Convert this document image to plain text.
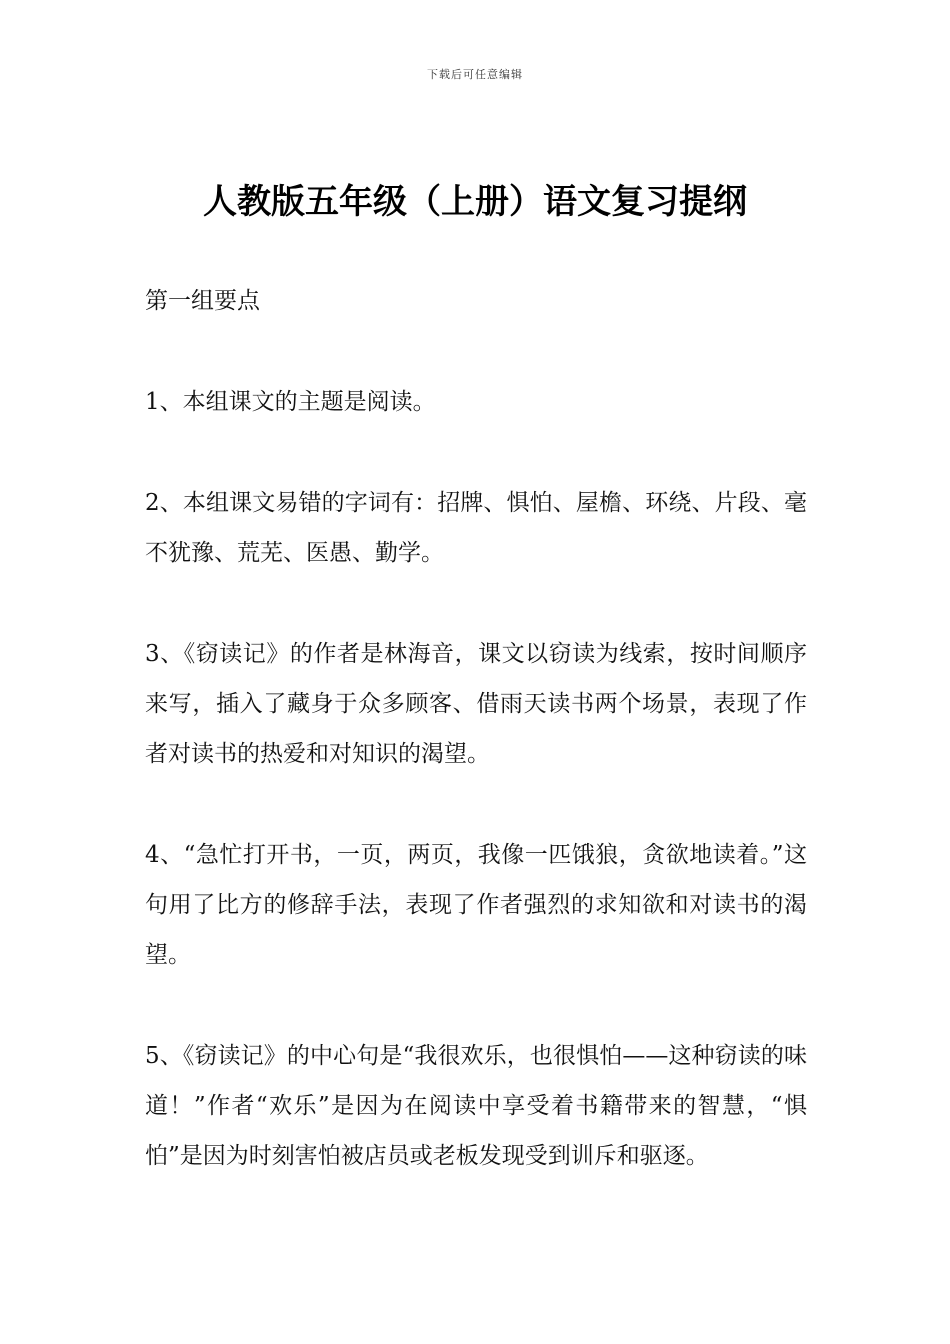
下载后可任意编辑
人教版五年级（上册）语文复习提纲
第一组要点

1、本组课文的主题是阅读。

2、本组课文易错的字词有：招牌、惧怕、屋檐、环绕、片段、毫不犹豫、荒芜、医愚、勤学。

3、《窃读记》的作者是林海音，课文以窃读为线索，按时间顺序来写，插入了藏身于众多顾客、借雨天读书两个场景，表现了作者对读书的热爱和对知识的渴望。

4、“急忙打开书，一页，两页，我像一匹饿狼，贪欲地读着。”这句用了比方的修辞手法，表现了作者强烈的求知欲和对读书的渴望。

5、《窃读记》的中心句是“我很欢乐，也很惧怕——这种窃读的味道！”作者“欢乐”是因为在阅读中享受着书籍带来的智慧，“惧怕”是因为时刻害怕被店员或老板发现受到训斥和驱逐。
